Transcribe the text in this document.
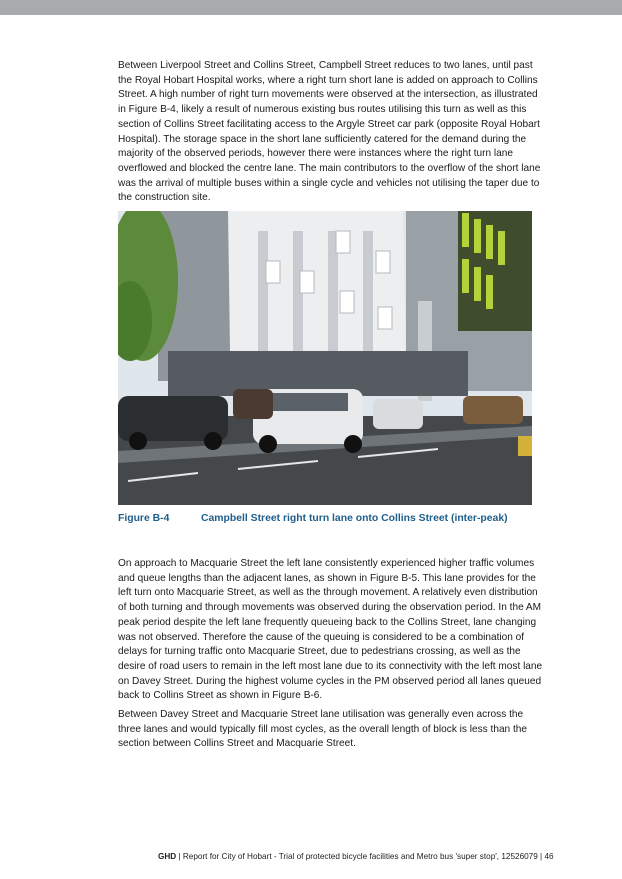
Between Liverpool Street and Collins Street, Campbell Street reduces to two lanes, until past the Royal Hobart Hospital works, where a right turn short lane is added on approach to Collins Street. A high number of right turn movements were observed at the intersection, as illustrated in Figure B-4, likely a result of numerous existing bus routes utilising this turn as well as this section of Collins Street facilitating access to the Argyle Street car park (opposite Royal Hobart Hospital). The storage space in the short lane sufficiently catered for the demand during the majority of the observed periods, however there were instances where the right turn lane overflowed and blocked the centre lane. The main contributors to the overflow of the short lane was the arrival of multiple buses within a single cycle and vehicles not utilising the taper due to the construction site.

Figure B-4	Campbell Street right turn lane onto Collins Street (inter-peak)

On approach to Macquarie Street the left lane consistently experienced higher traffic volumes and queue lengths than the adjacent lanes, as shown in Figure B-5. This lane provides for the left turn onto Macquarie Street, as well as the through movement. A relatively even distribution of both turning and through movements was observed during the observation period. In the AM peak period despite the left lane frequently queueing back to the Collins Street, lane changing was not observed. Therefore the cause of the queuing is considered to be a combination of delays for turning traffic onto Macquarie Street, due to pedestrians crossing, as well as the desire of road users to remain in the left most lane due to its connectivity with the left most lane on Davey Street. During the highest volume cycles in the PM observed period all lanes queued back to Collins Street as shown in Figure B-6.

Between Davey Street and Macquarie Street lane utilisation was generally even across the three lanes and would typically fill most cycles, as the overall length of block is less than the section between Collins Street and Macquarie Street.

GHD | Report for City of Hobart - Trial of protected bicycle facilities and Metro bus 'super stop', 12526079 | 46
